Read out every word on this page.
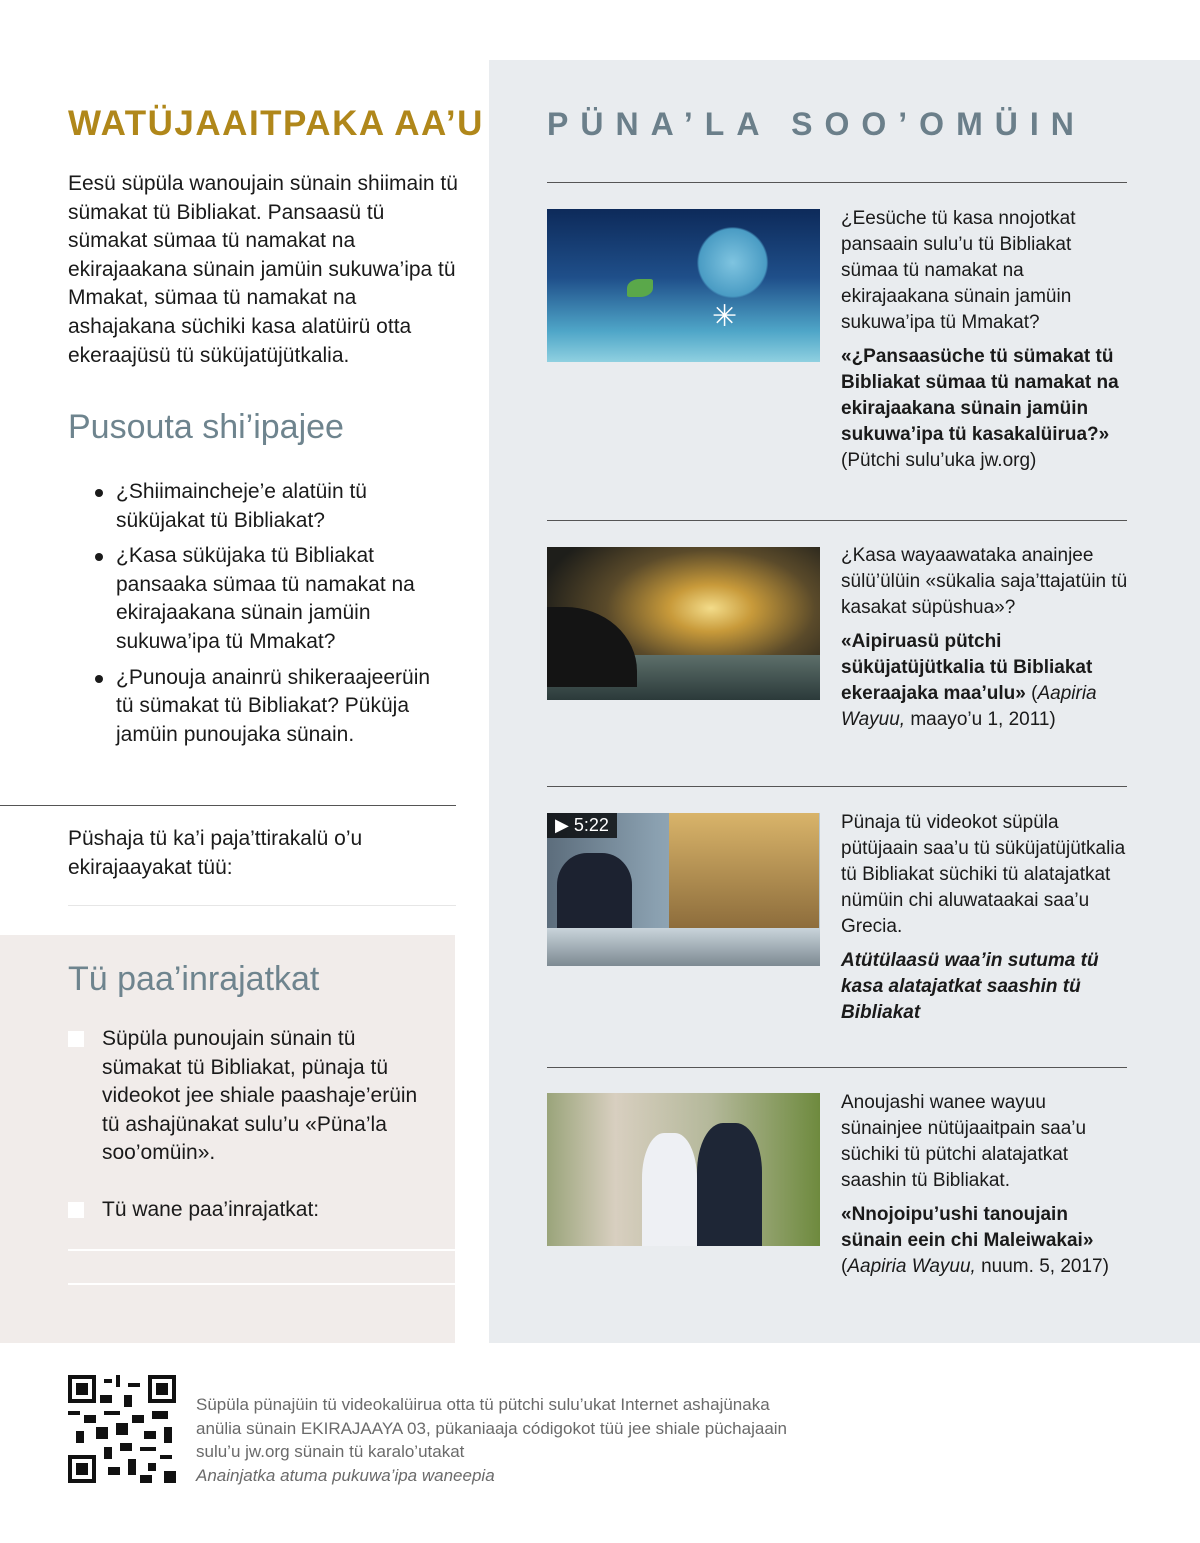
WATÜJAAITPAKA AA’U
Eesü süpüla wanoujain sünain shiimain tü sümakat tü Bibliakat. Pansaasü tü sümakat sümaa tü namakat na ekirajaakana sünain jamüin sukuwa’ipa tü Mmakat, sümaa tü namakat na ashajakana süchiki kasa alatüirü otta ekeraajüsü tü süküjatüjütkalia.
Pusouta shi’ipajee
¿Shiimaincheje’e alatüin tü süküjakat tü Bibliakat?
¿Kasa süküjaka tü Bibliakat pansaaka sümaa tü namakat na ekirajaakana sünain jamüin sukuwa’ipa tü Mmakat?
¿Punouja anainrü shikeraajeerüin tü sümakat tü Bibliakat? Püküja jamüin punoujaka sünain.
Püshaja tü ka’i paja’ttirakalü o’u ekirajaayakat tüü:
Tü paa’inrajatkat
Süpüla punoujain sünain tü sümakat tü Bibliakat, pünaja tü videokot jee shiale paashaje’erüin tü ashajünakat sulu’u «Püna’la soo’omüin».
Tü wane paa’inrajatkat:
PÜNA’LA SOO’OMÜIN
✳

¿Eesüche tü kasa nnojotkat pansaain sulu’u tü Bibliakat sümaa tü namakat na ekirajaakana sünain jamüin sukuwa’ipa tü Mmakat?

«¿Pansaasüche tü sümakat tü Bibliakat sümaa tü namakat na ekirajaakana sünain jamüin sukuwa’ipa tü kasakalüirua?»
(Pütchi sulu’uka jw.org)

¿Kasa wayaawataka anainjee sülü’ülüin «sükalia saja’ttajatüin tü kasakat süpüshua»?

«Aipiruasü pütchi süküjatüjütkalia tü Bibliakat ekeraajaka maa’ulu» (Aapiria Wayuu, maayo’u 1, 2011)

▶ 5:22	Pünaja tü videokot süpüla pütüjaain saa’u tü süküjatüjütkalia tü Bibliakat süchiki tü alatajatkat nümüin chi aluwataakai saa’u Grecia.

Atütülaasü waa’in sutuma tü kasa alatajatkat saashin tü Bibliakat

Anoujashi wanee wayuu sünainjee nütüjaaitpain saa’u süchiki tü pütchi alatajatkat saashin tü Bibliakat.

«Nnojoipu’ushi tanoujain sünain eein chi Maleiwakai»
(Aapiria Wayuu, nuum. 5, 2017)

Süpüla pünajüin tü videokalüirua otta tü pütchi sulu’ukat Internet ashajünaka anülia sünain EKIRAJAAYA 03, pükaniaaja códigokot tüü jee shiale püchajaain sulu’u jw.org sünain tü karalo’utakat
Anainjatka atuma pukuwa’ipa waneepia
